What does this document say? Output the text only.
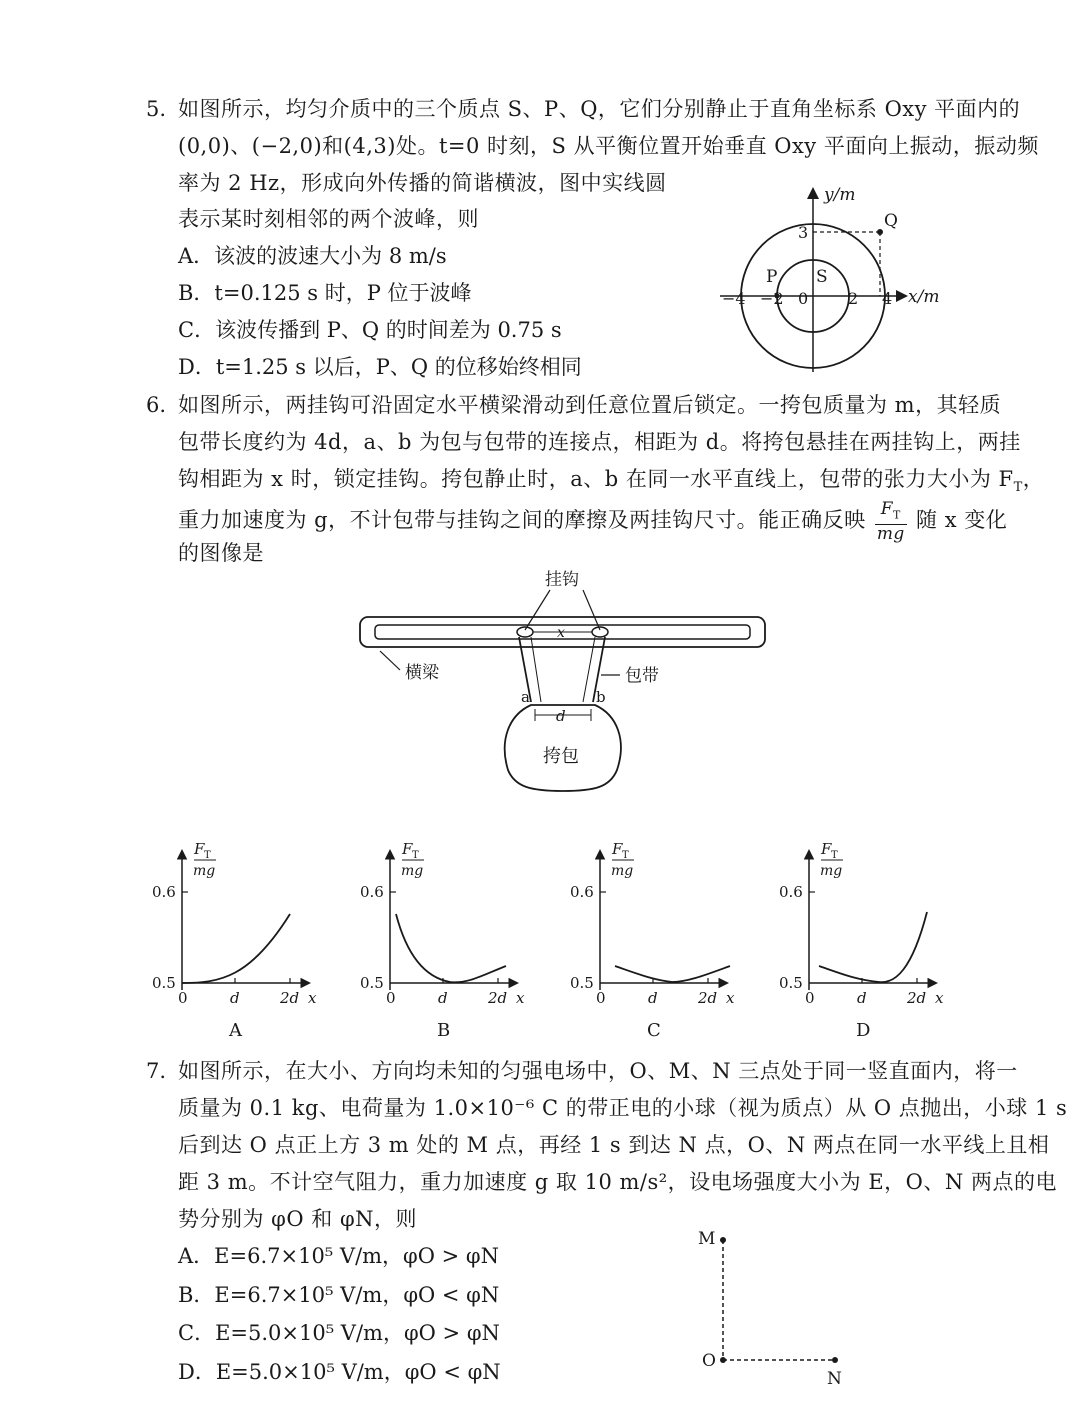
5. 如图所示，均匀介质中的三个质点 S、P、Q，它们分别静止于直角坐标系 Oxy 平面内的
(0,0)、(−2,0)和(4,3)处。t=0 时刻，S 从平衡位置开始垂直 Oxy 平面向上振动，振动频
率为 2 Hz，形成向外传播的简谐横波，图中实线圆
表示某时刻相邻的两个波峰，则
A．该波的波速大小为 8 m/s
B．t=0.125 s 时，P 位于波峰
C．该波传播到 P、Q 的时间差为 0.75 s
D．t=1.25 s 以后，P、Q 的位移始终相同
y/m
x/m
Q
P S
0
3
−4 −2	2 4
6. 如图所示，两挂钩可沿固定水平横梁滑动到任意位置后锁定。一挎包质量为 m，其轻质
包带长度约为 4d，a、b 为包与包带的连接点，相距为 d。将挎包悬挂在两挂钩上，两挂
钩相距为 x 时，锁定挂钩。挎包静止时，a、b 在同一水平直线上，包带的张力大小为 $F_T$，
重力加速度为 g，不计包带与挂钩之间的摩擦及两挂钩尺寸。能正确反映 $\frac{F_T}{mg}$ 随 x 变化
的图像是
挂钩
x
横梁	包带
a	b
d
挎包
F T
mg
0.6
0.5
0	d	2d x
A
F T
mg
0.6
0.5
0	d	2d x
B
F T
mg
0.6
0.5
0	d	2d x
C
F T
mg
0.6
0.5
0	d	2d x
D
7. 如图所示，在大小、方向均未知的匀强电场中，O、M、N 三点处于同一竖直面内，将一
质量为 0.1 kg、电荷量为 1.0×10⁻⁶ C 的带正电的小球（视为质点）从 O 点抛出，小球 1 s
后到达 O 点正上方 3 m 处的 M 点，再经 1 s 到达 N 点，O、N 两点在同一水平线上且相
距 3 m。不计空气阻力，重力加速度 g 取 10 m/s²，设电场强度大小为 E，O、N 两点的电
势分别为 φO 和 φN，则
A．E=6.7×10⁵ V/m，φO > φN
B．E=6.7×10⁵ V/m，φO < φN
C．E=5.0×10⁵ V/m，φO > φN
D．E=5.0×10⁵ V/m，φO < φN
M
O
N
